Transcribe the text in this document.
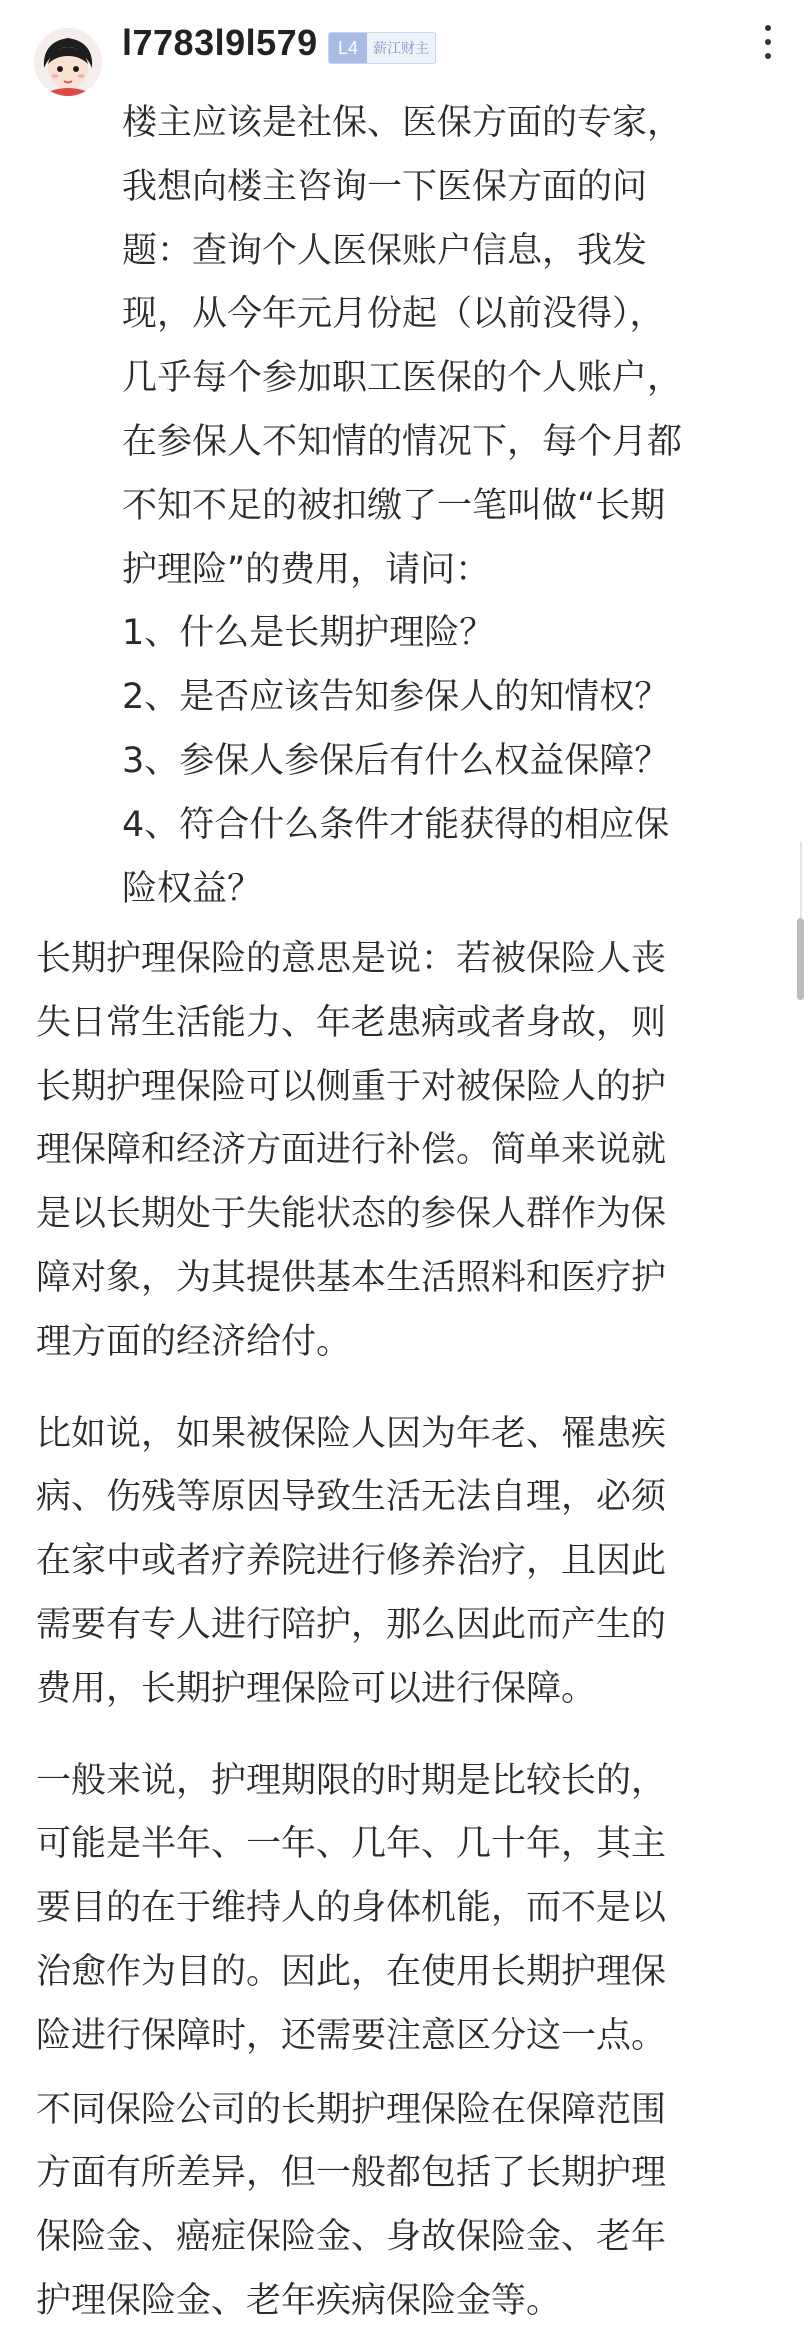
l7783l9l579	L4	薪江财主

楼主应该是社保、医保方面的专家，

我想向楼主咨询一下医保方面的问

题：查询个人医保账户信息，我发

现，从今年元月份起（以前没得），

几乎每个参加职工医保的个人账户，

在参保人不知情的情况下，每个月都

不知不足的被扣缴了一笔叫做“长期

护理险”的费用，请问：

1、什么是长期护理险？

2、是否应该告知参保人的知情权？

3、参保人参保后有什么权益保障？

4、符合什么条件才能获得的相应保

险权益？

长期护理保险的意思是说：若被保险人丧

失日常生活能力、年老患病或者身故，则

长期护理保险可以侧重于对被保险人的护

理保障和经济方面进行补偿。简单来说就

是以长期处于失能状态的参保人群作为保

障对象，为其提供基本生活照料和医疗护

理方面的经济给付。

比如说，如果被保险人因为年老、罹患疾

病、伤残等原因导致生活无法自理，必须

在家中或者疗养院进行修养治疗，且因此

需要有专人进行陪护，那么因此而产生的

费用，长期护理保险可以进行保障。

一般来说，护理期限的时期是比较长的，

可能是半年、一年、几年、几十年，其主

要目的在于维持人的身体机能，而不是以

治愈作为目的。因此，在使用长期护理保

险进行保障时，还需要注意区分这一点。

不同保险公司的长期护理保险在保障范围

方面有所差异，但一般都包括了长期护理

保险金、癌症保险金、身故保险金、老年

护理保险金、老年疾病保险金等。
